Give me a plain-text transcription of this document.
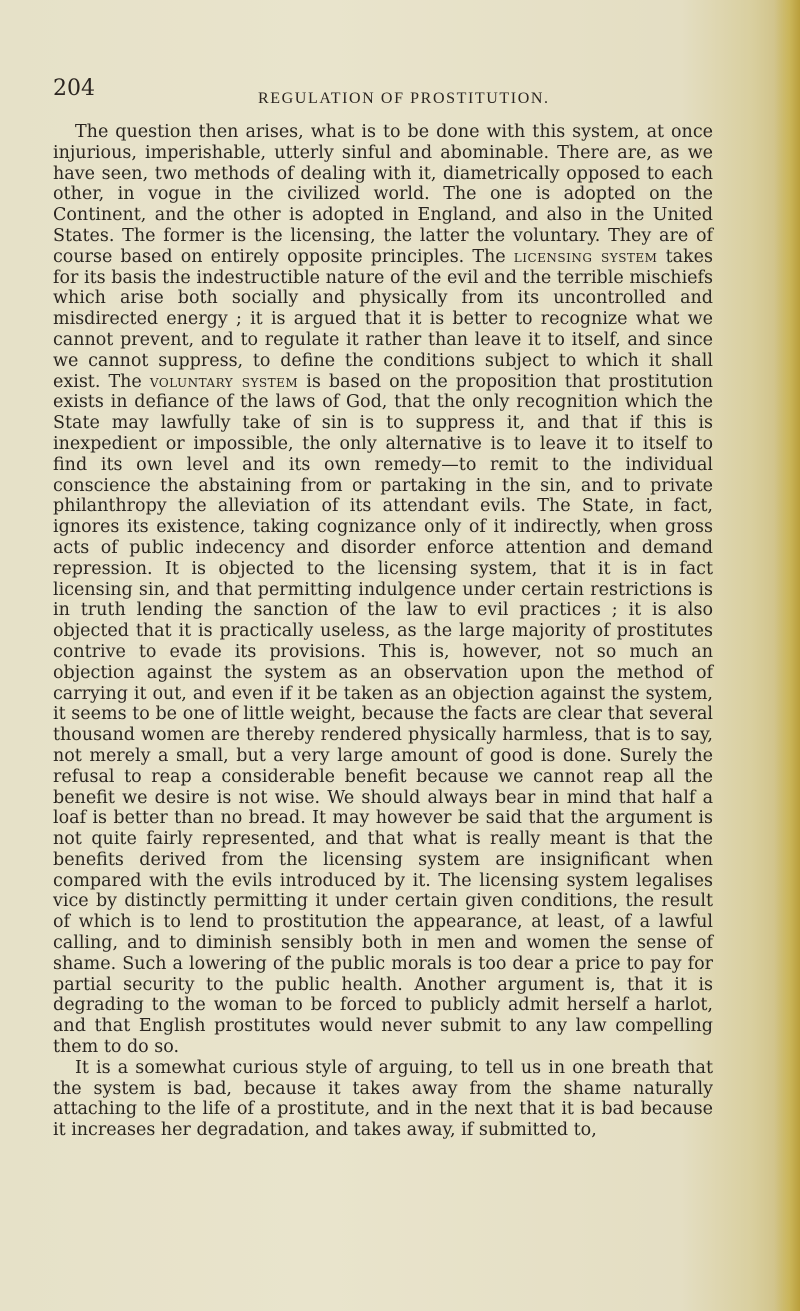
204	REGULATION OF PROSTITUTION.

The question then arises, what is to be done with this system, at once injurious, imperishable, utterly sinful and abominable. There are, as we have seen, two methods of dealing with it, diametrically opposed to each other, in vogue in the civilized world. The one is adopted on the Continent, and the other is adopted in England, and also in the United States. The former is the licensing, the latter the voluntary. They are of course based on entirely opposite principles. The licensing system takes for its basis the indestructible nature of the evil and the terrible mischiefs which arise both socially and physically from its uncontrolled and misdirected energy ; it is argued that it is better to recognize what we cannot prevent, and to regulate it rather than leave it to itself, and since we cannot suppress, to define the conditions subject to which it shall exist. The voluntary system is based on the proposition that prostitution exists in defiance of the laws of God, that the only recognition which the State may lawfully take of sin is to suppress it, and that if this is inexpedient or impossible, the only alternative is to leave it to itself to find its own level and its own remedy—to remit to the individual conscience the abstaining from or partaking in the sin, and to private philanthropy the alleviation of its attendant evils. The State, in fact, ignores its existence, taking cognizance only of it indirectly, when gross acts of public indecency and disorder enforce attention and demand repression. It is objected to the licensing system, that it is in fact licensing sin, and that permitting indulgence under certain restrictions is in truth lending the sanction of the law to evil practices ; it is also objected that it is practically useless, as the large majority of prostitutes contrive to evade its provisions. This is, however, not so much an objection against the system as an observation upon the method of carrying it out, and even if it be taken as an objection against the system, it seems to be one of little weight, because the facts are clear that several thousand women are thereby rendered physically harmless, that is to say, not merely a small, but a very large amount of good is done. Surely the refusal to reap a considerable benefit because we cannot reap all the benefit we desire is not wise. We should always bear in mind that half a loaf is better than no bread. It may however be said that the argument is not quite fairly represented, and that what is really meant is that the benefits derived from the licensing system are insignificant when compared with the evils introduced by it. The licensing system legalises vice by distinctly permitting it under certain given conditions, the result of which is to lend to prostitution the appearance, at least, of a lawful calling, and to diminish sensibly both in men and women the sense of shame. Such a lowering of the public morals is too dear a price to pay for partial security to the public health. Another argument is, that it is degrading to the woman to be forced to publicly admit herself a harlot, and that English prostitutes would never submit to any law compelling them to do so.

It is a somewhat curious style of arguing, to tell us in one breath that the system is bad, because it takes away from the shame naturally attaching to the life of a prostitute, and in the next that it is bad because it increases her degradation, and takes away, if submitted to,
